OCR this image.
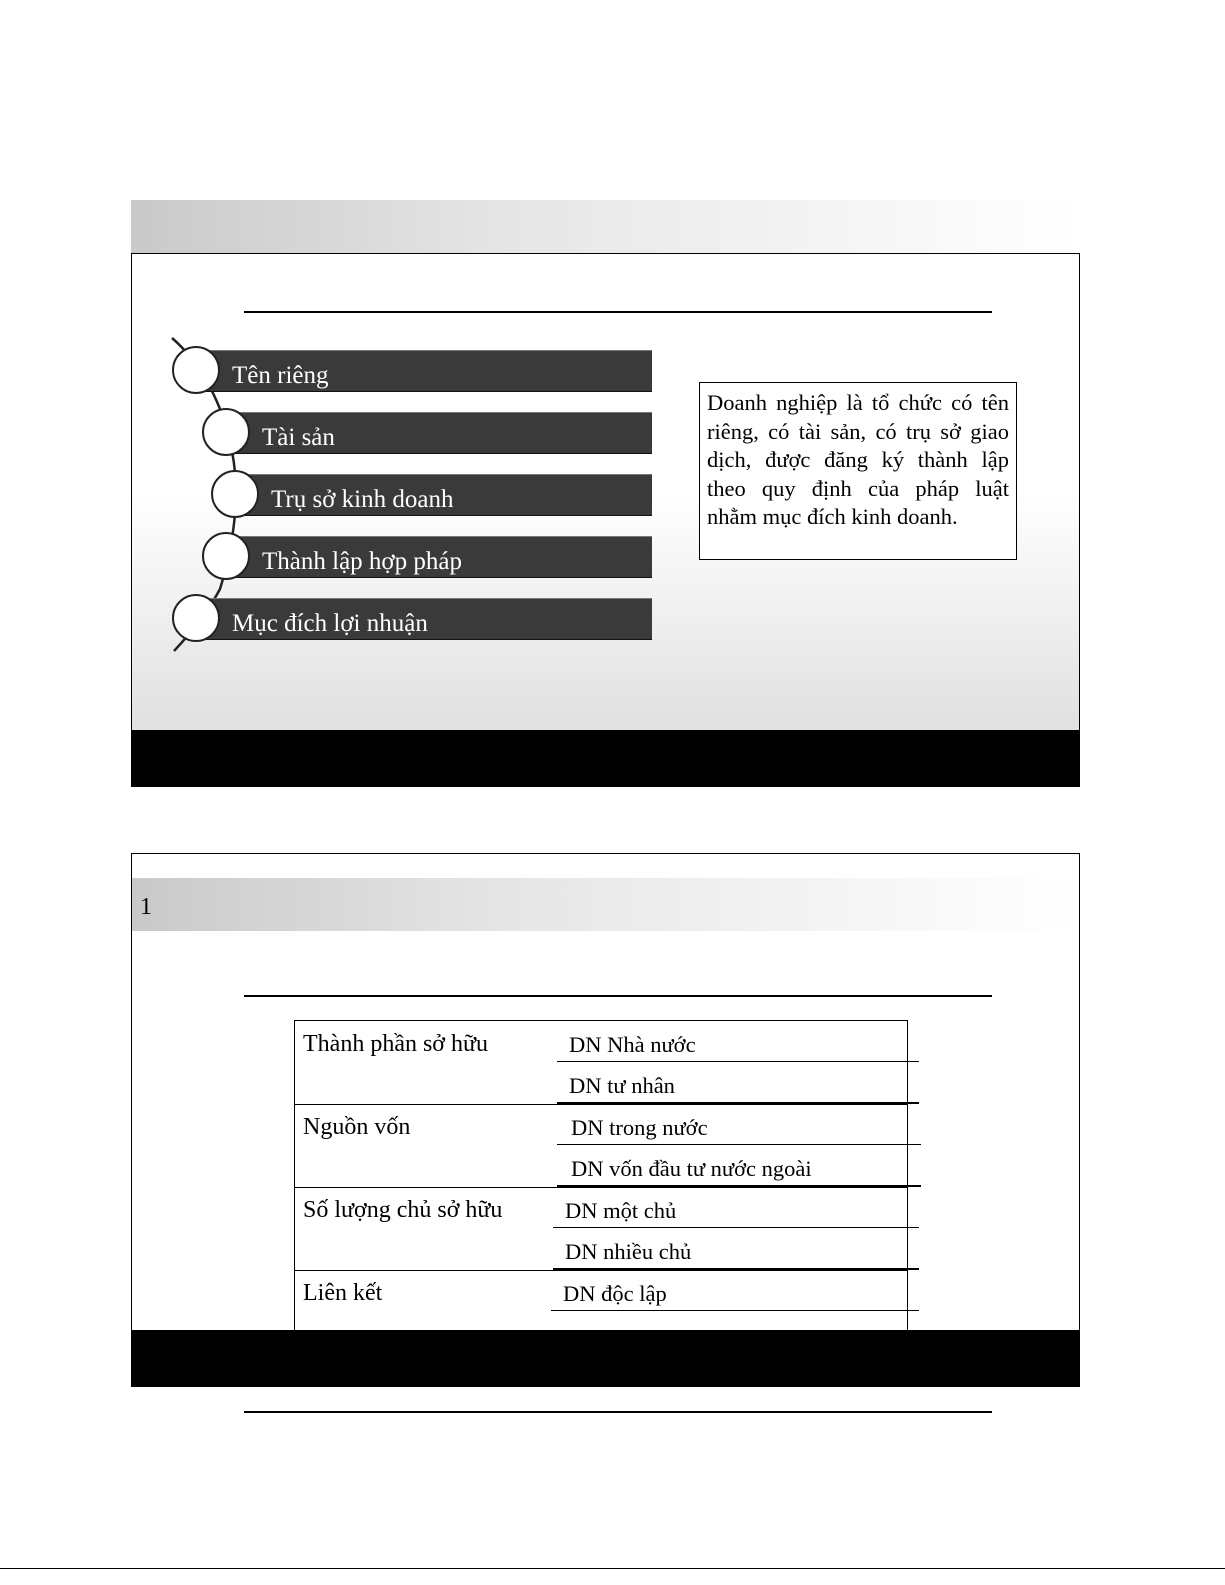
Tên riêng
Tài sản
Trụ sở kinh doanh
Thành lập hợp pháp
Mục đích lợi nhuận
Doanh nghiệp là tổ chức có tên riêng, có tài sản, có trụ sở giao dịch, được đăng ký thành lập theo quy định của pháp luật nhằm mục đích kinh doanh.
1
Thành phần sở hữu	DN Nhà nước
DN tư nhân
Nguồn vốn	DN trong nước
DN vốn đầu tư nước ngoài
Số lượng chủ sở hữu	DN một chủ
DN nhiều chủ
Liên kết	DN độc lập
